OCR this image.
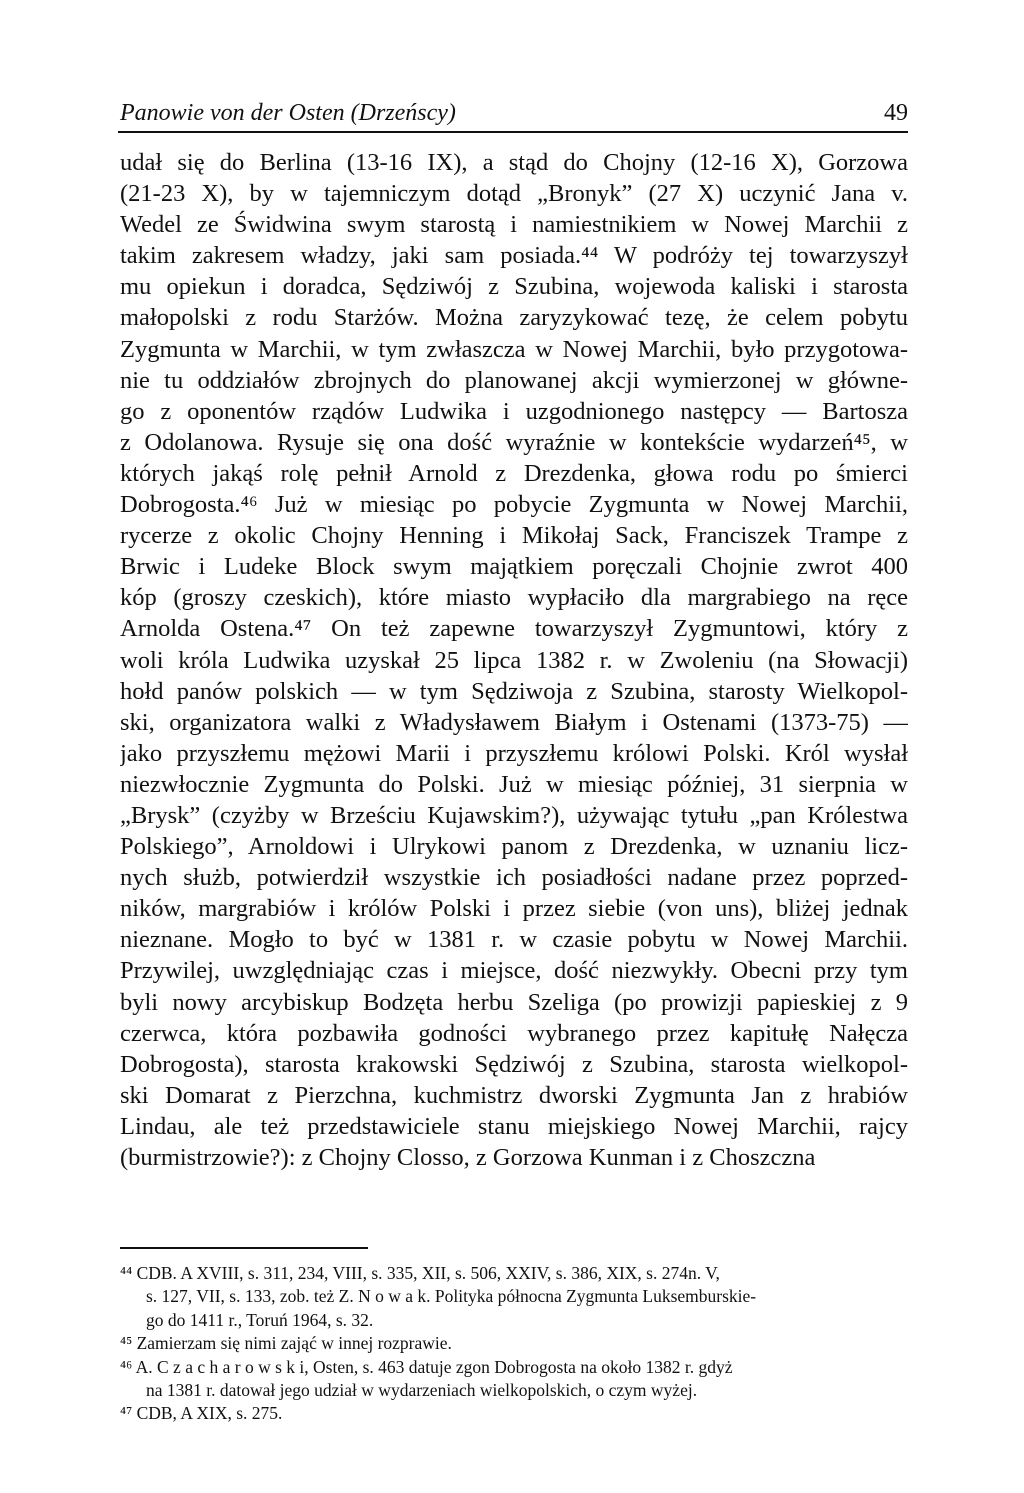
Panowie von der Osten (Drzeńscy)	49
udał się do Berlina (13-16 IX), a stąd do Chojny (12-16 X), Gorzowa
(21-23 X), by w tajemniczym dotąd „Bronyk” (27 X) uczynić Jana v.
Wedel ze Świdwina swym starostą i namiestnikiem w Nowej Marchii z
takim zakresem władzy, jaki sam posiada.⁴⁴ W podróży tej towarzyszył
mu opiekun i doradca, Sędziwój z Szubina, wojewoda kaliski i starosta
małopolski z rodu Starżów. Można zaryzykować tezę, że celem pobytu
Zygmunta w Marchii, w tym zwłaszcza w Nowej Marchii, było przygotowa-
nie tu oddziałów zbrojnych do planowanej akcji wymierzonej w główne-
go z oponentów rządów Ludwika i uzgodnionego następcy — Bartosza
z Odolanowa. Rysuje się ona dość wyraźnie w kontekście wydarzeń⁴⁵, w
których jakąś rolę pełnił Arnold z Drezdenka, głowa rodu po śmierci
Dobrogosta.⁴⁶ Już w miesiąc po pobycie Zygmunta w Nowej Marchii,
rycerze z okolic Chojny Henning i Mikołaj Sack, Franciszek Trampe z
Brwic i Ludeke Block swym majątkiem poręczali Chojnie zwrot 400
kóp (groszy czeskich), które miasto wypłaciło dla margrabiego na ręce
Arnolda Ostena.⁴⁷ On też zapewne towarzyszył Zygmuntowi, który z
woli króla Ludwika uzyskał 25 lipca 1382 r. w Zwoleniu (na Słowacji)
hołd panów polskich — w tym Sędziwoja z Szubina, starosty Wielkopol-
ski, organizatora walki z Władysławem Białym i Ostenami (1373-75) —
jako przyszłemu mężowi Marii i przyszłemu królowi Polski. Król wysłał
niezwłocznie Zygmunta do Polski. Już w miesiąc później, 31 sierpnia w
„Brysk” (czyżby w Brześciu Kujawskim?), używając tytułu „pan Królestwa
Polskiego”, Arnoldowi i Ulrykowi panom z Drezdenka, w uznaniu licz-
nych służb, potwierdził wszystkie ich posiadłości nadane przez poprzed-
ników, margrabiów i królów Polski i przez siebie (von uns), bliżej jednak
nieznane. Mogło to być w 1381 r. w czasie pobytu w Nowej Marchii.
Przywilej, uwzględniając czas i miejsce, dość niezwykły. Obecni przy tym
byli nowy arcybiskup Bodzęta herbu Szeliga (po prowizji papieskiej z 9
czerwca, która pozbawiła godności wybranego przez kapitułę Nałęcza
Dobrogosta), starosta krakowski Sędziwój z Szubina, starosta wielkopol-
ski Domarat z Pierzchna, kuchmistrz dworski Zygmunta Jan z hrabiów
Lindau, ale też przedstawiciele stanu miejskiego Nowej Marchii, rajcy
(burmistrzowie?): z Chojny Closso, z Gorzowa Kunman i z Choszczna
⁴⁴ CDB. A XVIII, s. 311, 234, VIII, s. 335, XII, s. 506, XXIV, s. 386, XIX, s. 274n. V,
s. 127, VII, s. 133, zob. też Z. N o w a k. Polityka północna Zygmunta Luksemburskie-
go do 1411 r., Toruń 1964, s. 32.
⁴⁵ Zamierzam się nimi zająć w innej rozprawie.
⁴⁶ A. C z a c h a r o w s k i, Osten, s. 463 datuje zgon Dobrogosta na około 1382 r. gdyż
na 1381 r. datował jego udział w wydarzeniach wielkopolskich, o czym wyżej.
⁴⁷ CDB, A XIX, s. 275.
